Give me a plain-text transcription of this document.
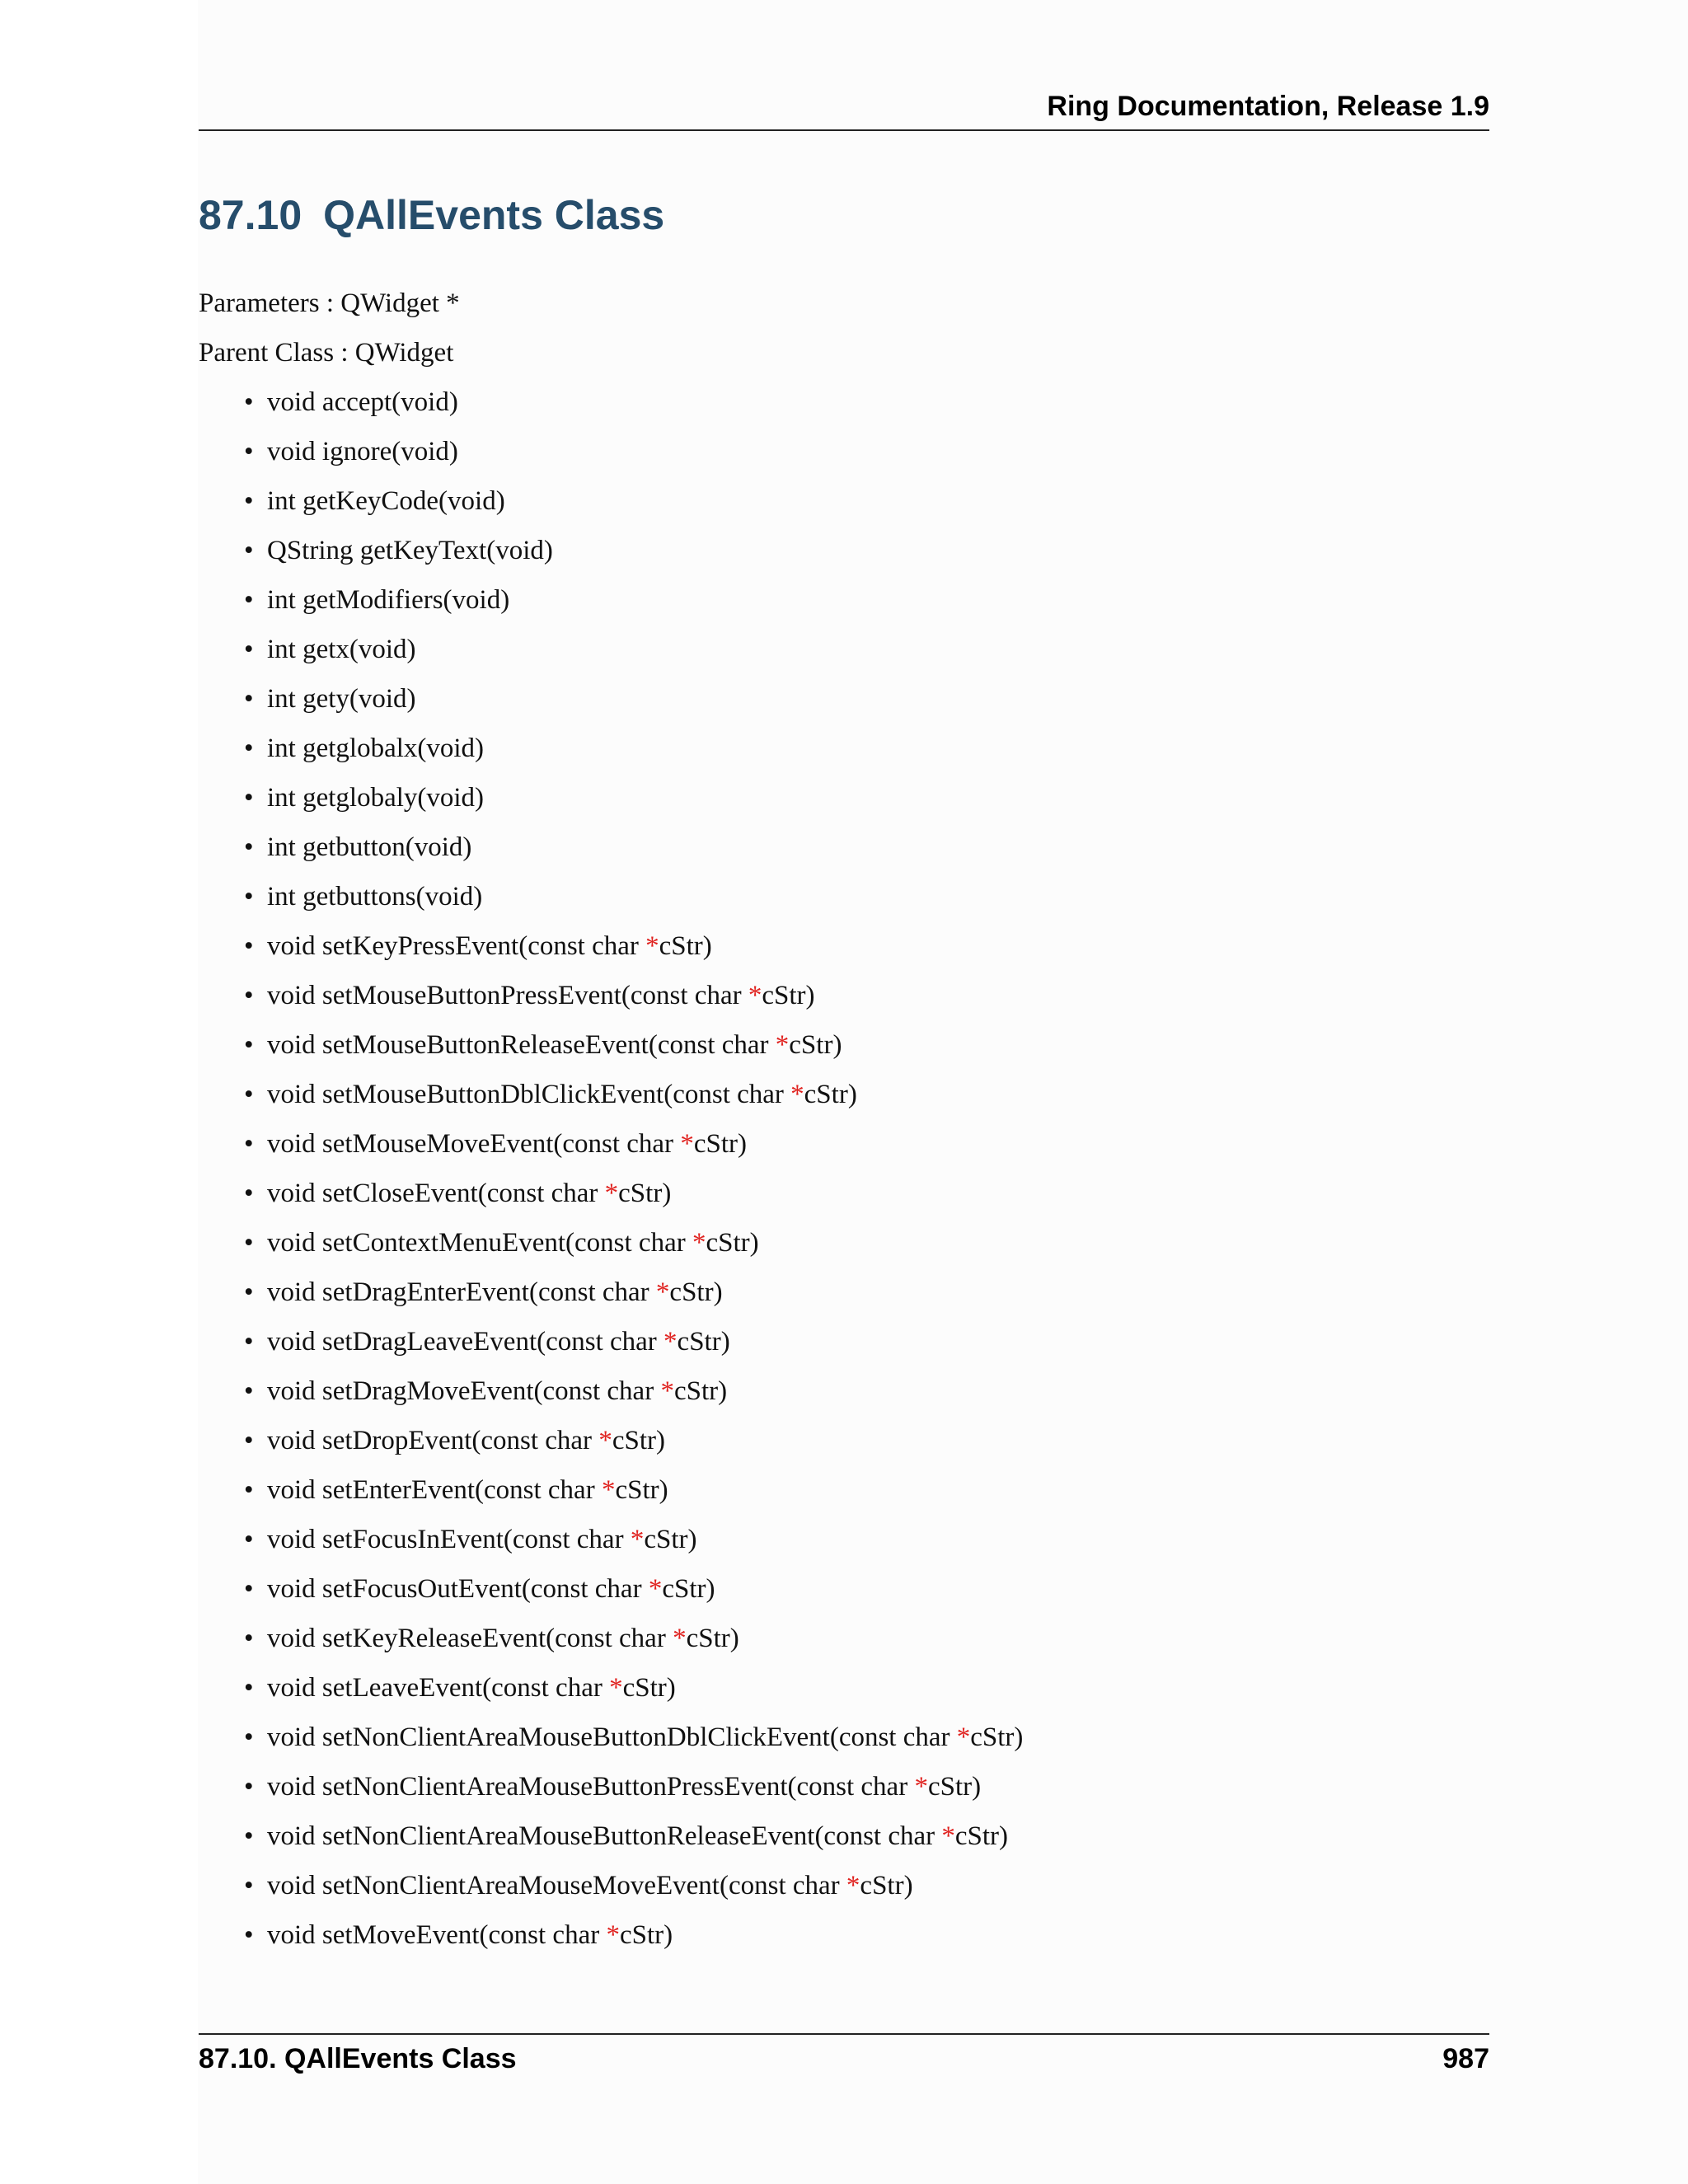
Ring Documentation, Release 1.9

87.10 QAllEvents Class

Parameters : QWidget *

Parent Class : QWidget

• void accept(void)
• void ignore(void)
• int getKeyCode(void)
• QString getKeyText(void)
• int getModifiers(void)
• int getx(void)
• int gety(void)
• int getglobalx(void)
• int getglobaly(void)
• int getbutton(void)
• int getbuttons(void)
• void setKeyPressEvent(const char *cStr)
• void setMouseButtonPressEvent(const char *cStr)
• void setMouseButtonReleaseEvent(const char *cStr)
• void setMouseButtonDblClickEvent(const char *cStr)
• void setMouseMoveEvent(const char *cStr)
• void setCloseEvent(const char *cStr)
• void setContextMenuEvent(const char *cStr)
• void setDragEnterEvent(const char *cStr)
• void setDragLeaveEvent(const char *cStr)
• void setDragMoveEvent(const char *cStr)
• void setDropEvent(const char *cStr)
• void setEnterEvent(const char *cStr)
• void setFocusInEvent(const char *cStr)
• void setFocusOutEvent(const char *cStr)
• void setKeyReleaseEvent(const char *cStr)
• void setLeaveEvent(const char *cStr)
• void setNonClientAreaMouseButtonDblClickEvent(const char *cStr)
• void setNonClientAreaMouseButtonPressEvent(const char *cStr)
• void setNonClientAreaMouseButtonReleaseEvent(const char *cStr)
• void setNonClientAreaMouseMoveEvent(const char *cStr)
• void setMoveEvent(const char *cStr)

87.10. QAllEvents Class	987
